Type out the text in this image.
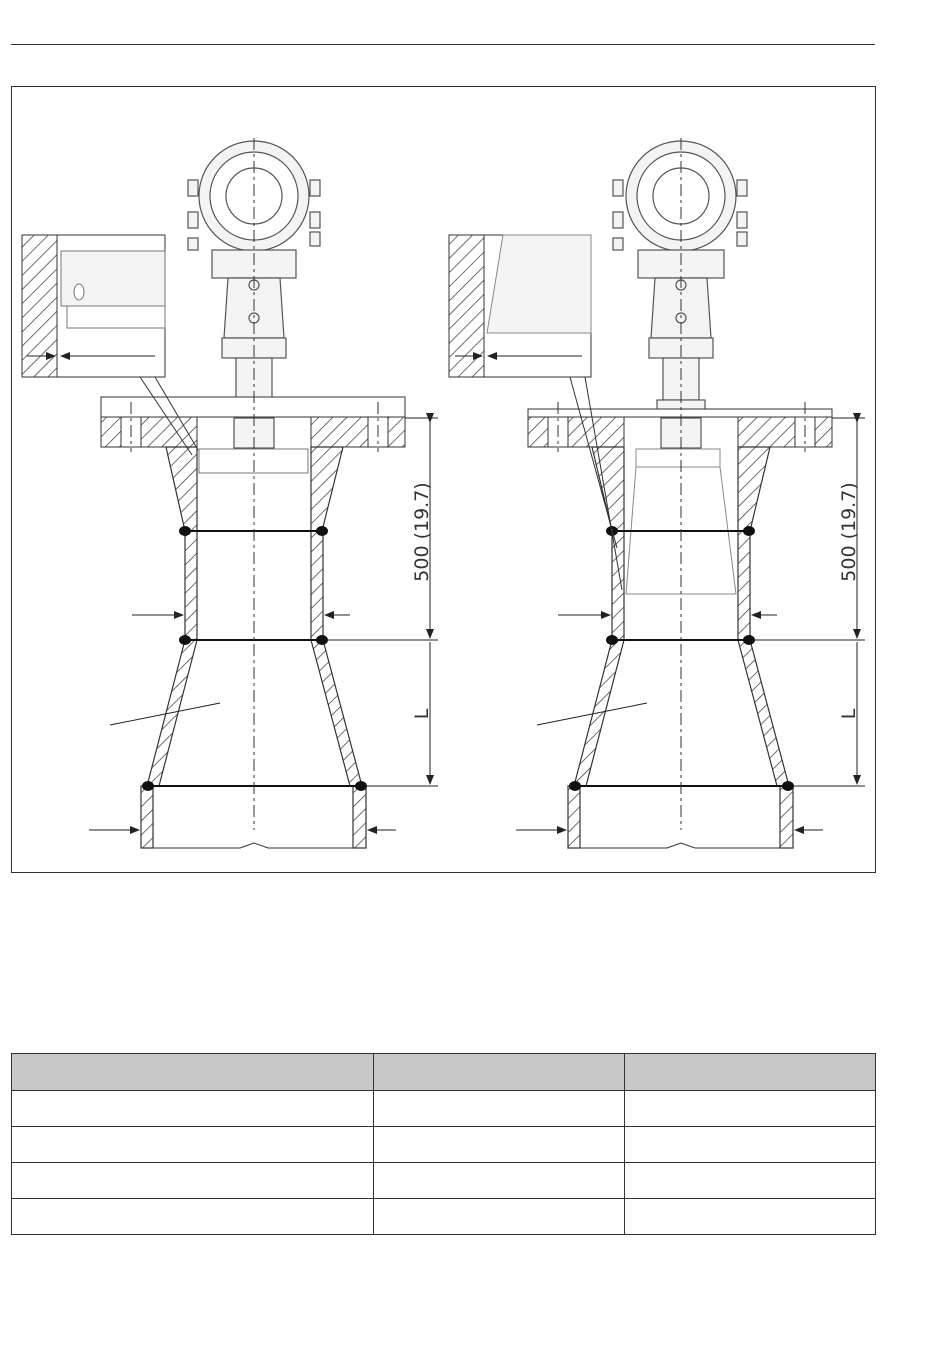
500 (19.7)
L
500 (19.7)
L
